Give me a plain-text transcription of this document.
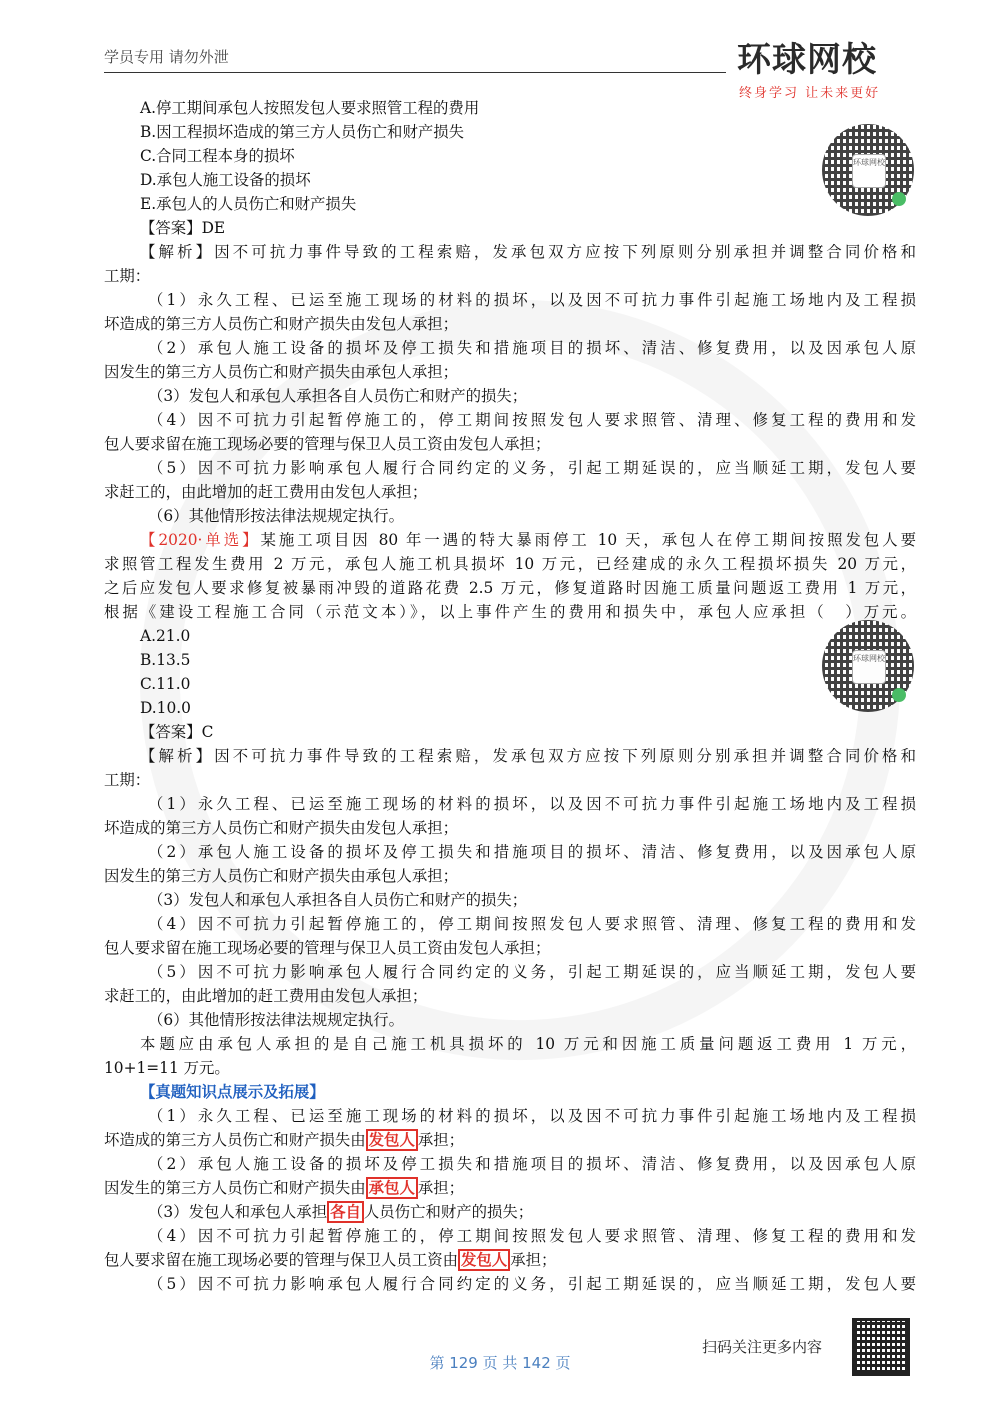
学员专用 请勿外泄	环球网校
终身学习 让未来更好
环球网校
环球网校
A.停工期间承包人按照发包人要求照管工程的费用
B.因工程损坏造成的第三方人员伤亡和财产损失
C.合同工程本身的损坏
D.承包人施工设备的损坏
E.承包人的人员伤亡和财产损失
【答案】DE
【解析】因不可抗力事件导致的工程索赔，发承包双方应按下列原则分别承担并调整合同价格和
工期：
（1）永久工程、已运至施工现场的材料的损坏，以及因不可抗力事件引起施工场地内及工程损
坏造成的第三方人员伤亡和财产损失由发包人承担；
（2）承包人施工设备的损坏及停工损失和措施项目的损坏、清洁、修复费用，以及因承包人原
因发生的第三方人员伤亡和财产损失由承包人承担；
（3）发包人和承包人承担各自人员伤亡和财产的损失；
（4）因不可抗力引起暂停施工的，停工期间按照发包人要求照管、清理、修复工程的费用和发
包人要求留在施工现场必要的管理与保卫人员工资由发包人承担；
（5）因不可抗力影响承包人履行合同约定的义务，引起工期延误的，应当顺延工期，发包人要
求赶工的，由此增加的赶工费用由发包人承担；
（6）其他情形按法律法规规定执行。
【2020·单选】某施工项目因 80 年一遇的特大暴雨停工 10 天，承包人在停工期间按照发包人要
求照管工程发生费用 2 万元，承包人施工机具损坏 10 万元，已经建成的永久工程损坏损失 20 万元，
之后应发包人要求修复被暴雨冲毁的道路花费 2.5 万元，修复道路时因施工质量问题返工费用 1 万元，
根据《建设工程施工合同（示范文本）》，以上事件产生的费用和损失中，承包人应承担（　）万元。
A.21.0
B.13.5
C.11.0
D.10.0
【答案】C
【解析】因不可抗力事件导致的工程索赔，发承包双方应按下列原则分别承担并调整合同价格和
工期：
（1）永久工程、已运至施工现场的材料的损坏，以及因不可抗力事件引起施工场地内及工程损
坏造成的第三方人员伤亡和财产损失由发包人承担；
（2）承包人施工设备的损坏及停工损失和措施项目的损坏、清洁、修复费用，以及因承包人原
因发生的第三方人员伤亡和财产损失由承包人承担；
（3）发包人和承包人承担各自人员伤亡和财产的损失；
（4）因不可抗力引起暂停施工的，停工期间按照发包人要求照管、清理、修复工程的费用和发
包人要求留在施工现场必要的管理与保卫人员工资由发包人承担；
（5）因不可抗力影响承包人履行合同约定的义务，引起工期延误的，应当顺延工期，发包人要
求赶工的，由此增加的赶工费用由发包人承担；
（6）其他情形按法律法规规定执行。
本题应由承包人承担的是自己施工机具损坏的 10 万元和因施工质量问题返工费用 1 万元，
10+1=11 万元。
【真题知识点展示及拓展】
（1）永久工程、已运至施工现场的材料的损坏，以及因不可抗力事件引起施工场地内及工程损
坏造成的第三方人员伤亡和财产损失由 发包人 承担；
（2）承包人施工设备的损坏及停工损失和措施项目的损坏、清洁、修复费用，以及因承包人原
因发生的第三方人员伤亡和财产损失由 承包人 承担；
（3）发包人和承包人承担 各自 人员伤亡和财产的损失；
（4）因不可抗力引起暂停施工的，停工期间按照发包人要求照管、清理、修复工程的费用和发
包人要求留在施工现场必要的管理与保卫人员工资由 发包人 承担；
（5）因不可抗力影响承包人履行合同约定的义务，引起工期延误的，应当顺延工期，发包人要
扫码关注更多内容
第 129 页 共 142 页
